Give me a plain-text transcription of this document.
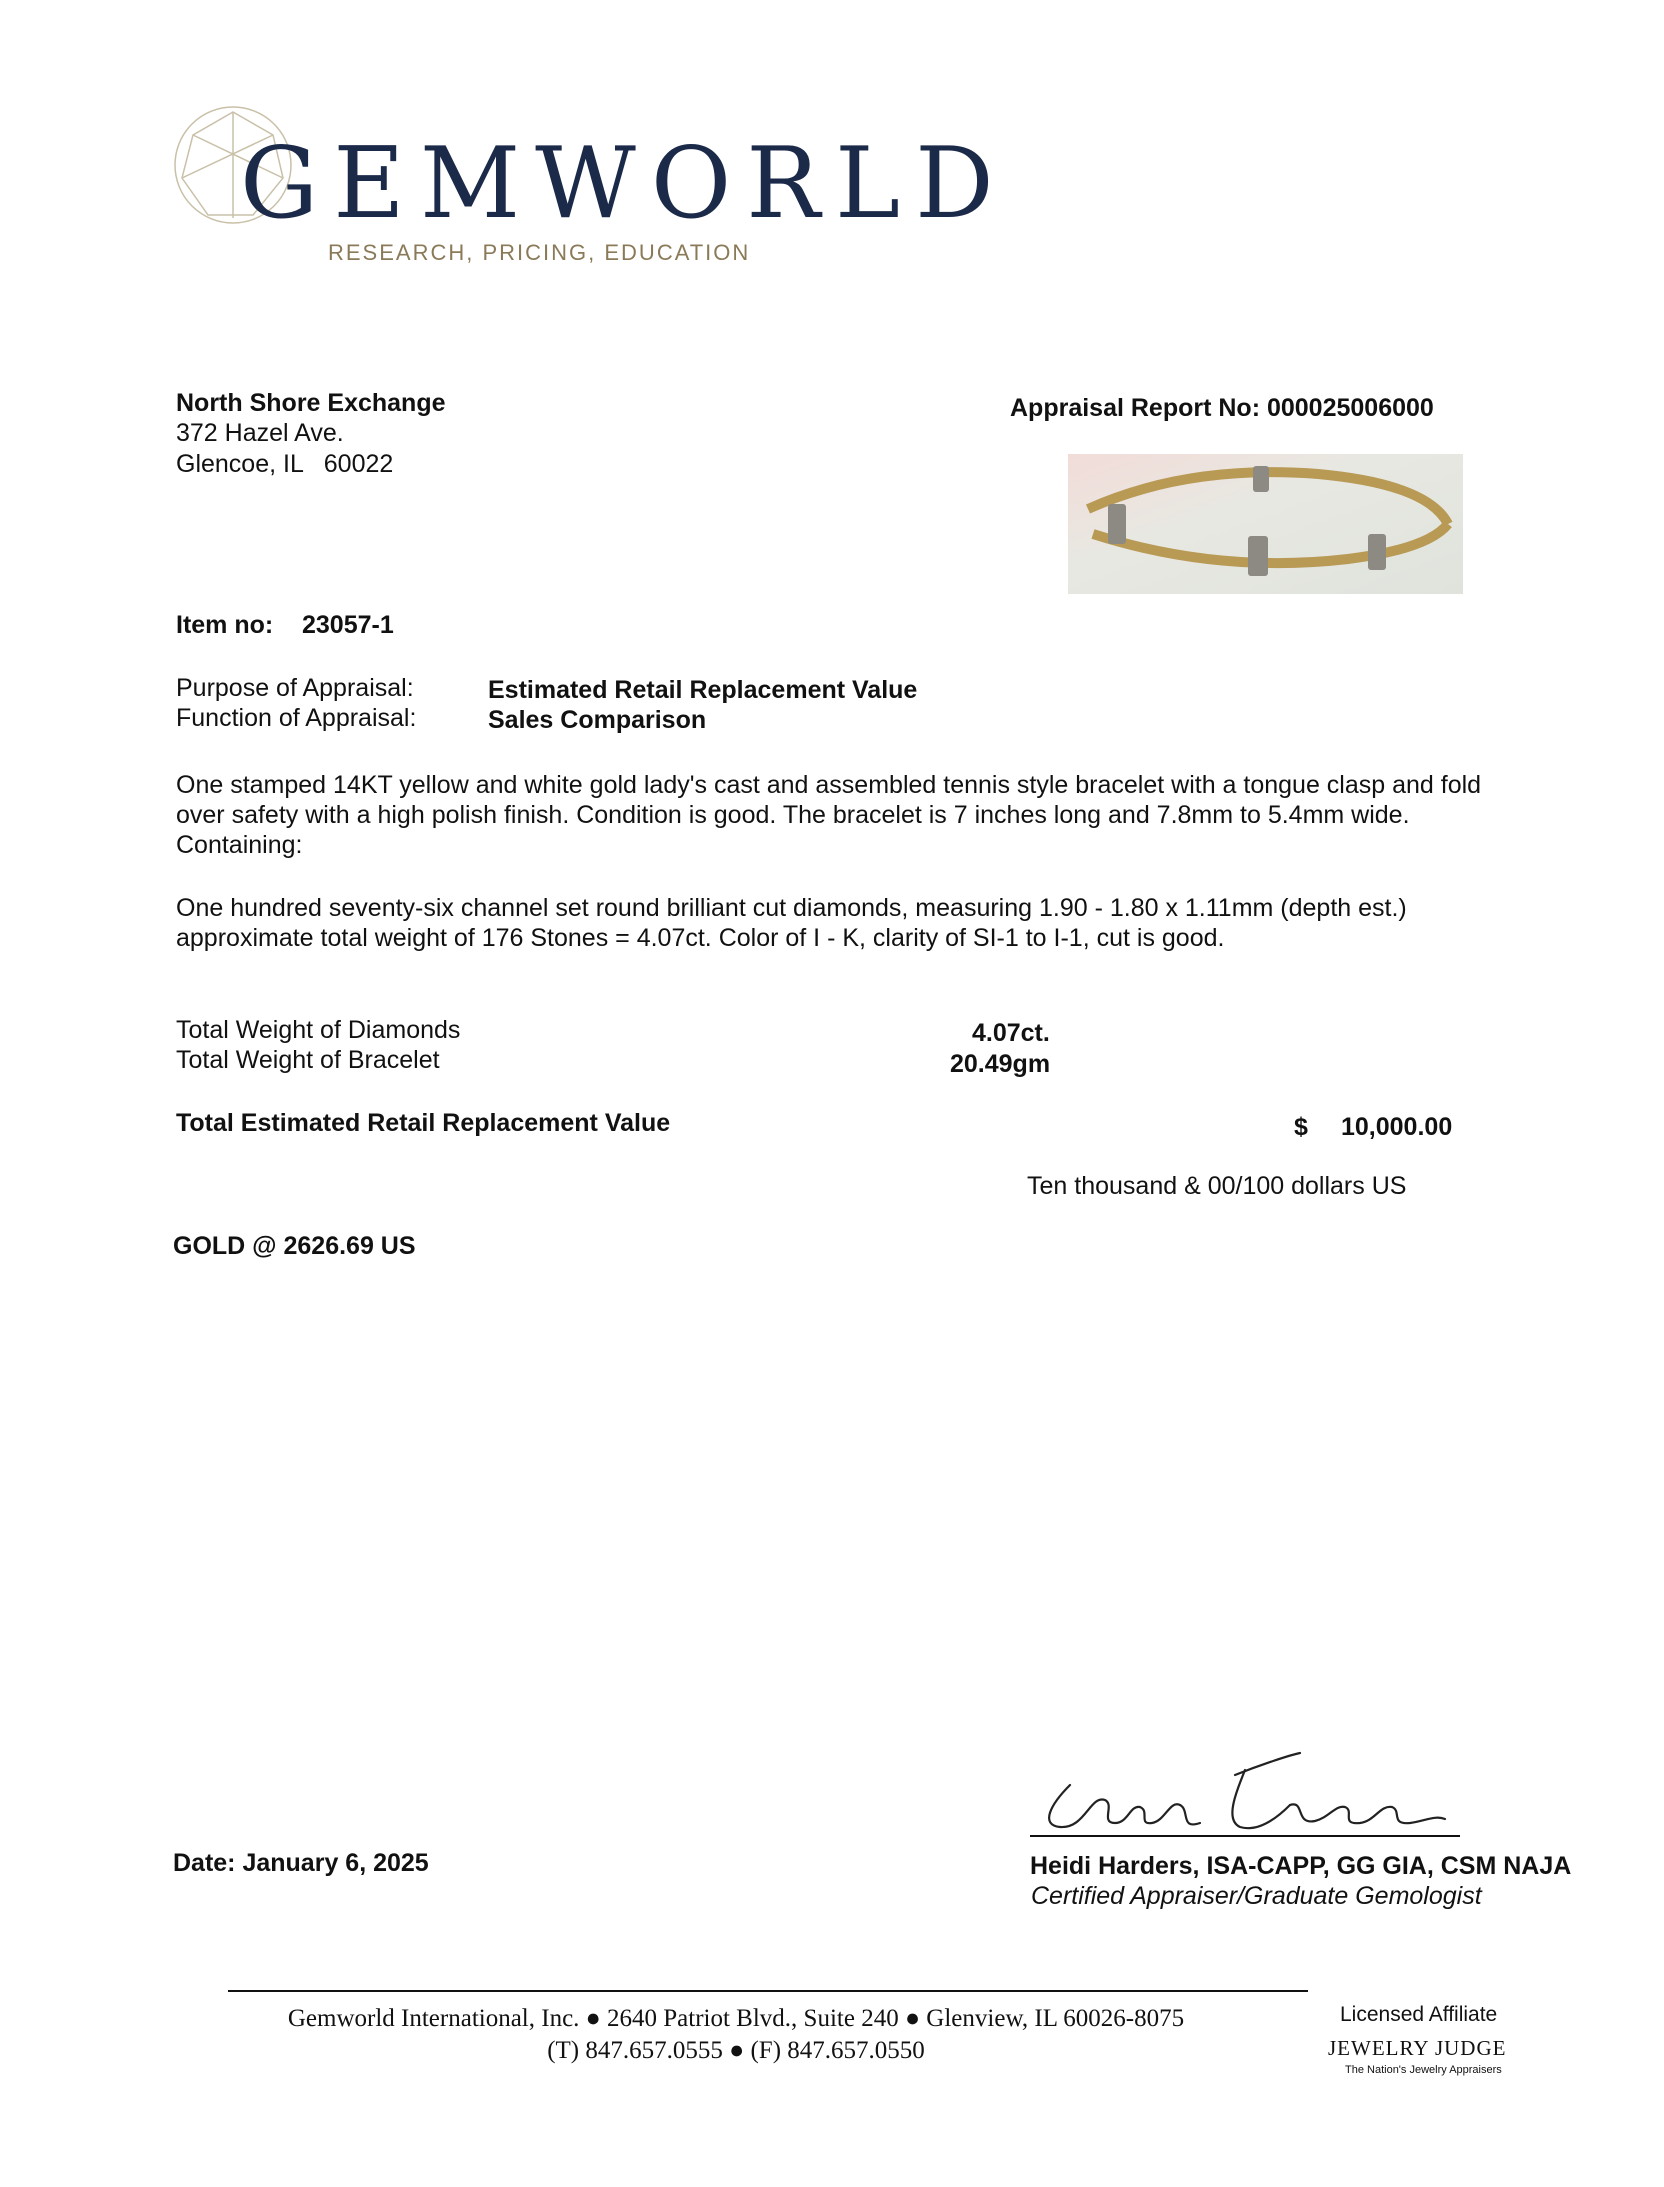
GEMWORLD
RESEARCH, PRICING, EDUCATION
North Shore Exchange
372 Hazel Ave.
Glencoe, IL   60022
Appraisal Report No: 000025006000
Item no: 23057-1
Purpose of Appraisal:	Estimated Retail Replacement Value
Function of Appraisal:	Sales Comparison
One stamped 14KT yellow and white gold lady's cast and assembled tennis style bracelet with a tongue clasp and fold over safety with a high polish finish. Condition is good. The bracelet is 7 inches long and 7.8mm to 5.4mm wide. Containing:
One hundred seventy-six channel set round brilliant cut diamonds, measuring 1.90 - 1.80 x 1.11mm (depth est.) approximate total weight of 176 Stones = 4.07ct. Color of I - K, clarity of SI-1 to I-1, cut is good.
Total Weight of Diamonds	4.07ct.
Total Weight of Bracelet	20.49gm
Total Estimated Retail Replacement Value	$ 10,000.00
Ten thousand & 00/100 dollars US
GOLD @ 2626.69 US
Date: January 6, 2025	Heidi Harders, ISA-CAPP, GG GIA, CSM NAJA
Certified Appraiser/Graduate Gemologist
Gemworld International, Inc. ● 2640 Patriot Blvd., Suite 240 ● Glenview, IL 60026-8075
(T) 847.657.0555 ● (F) 847.657.0550
Licensed Affiliate
JEWELRY JUDGE
The Nation's Jewelry Appraisers
